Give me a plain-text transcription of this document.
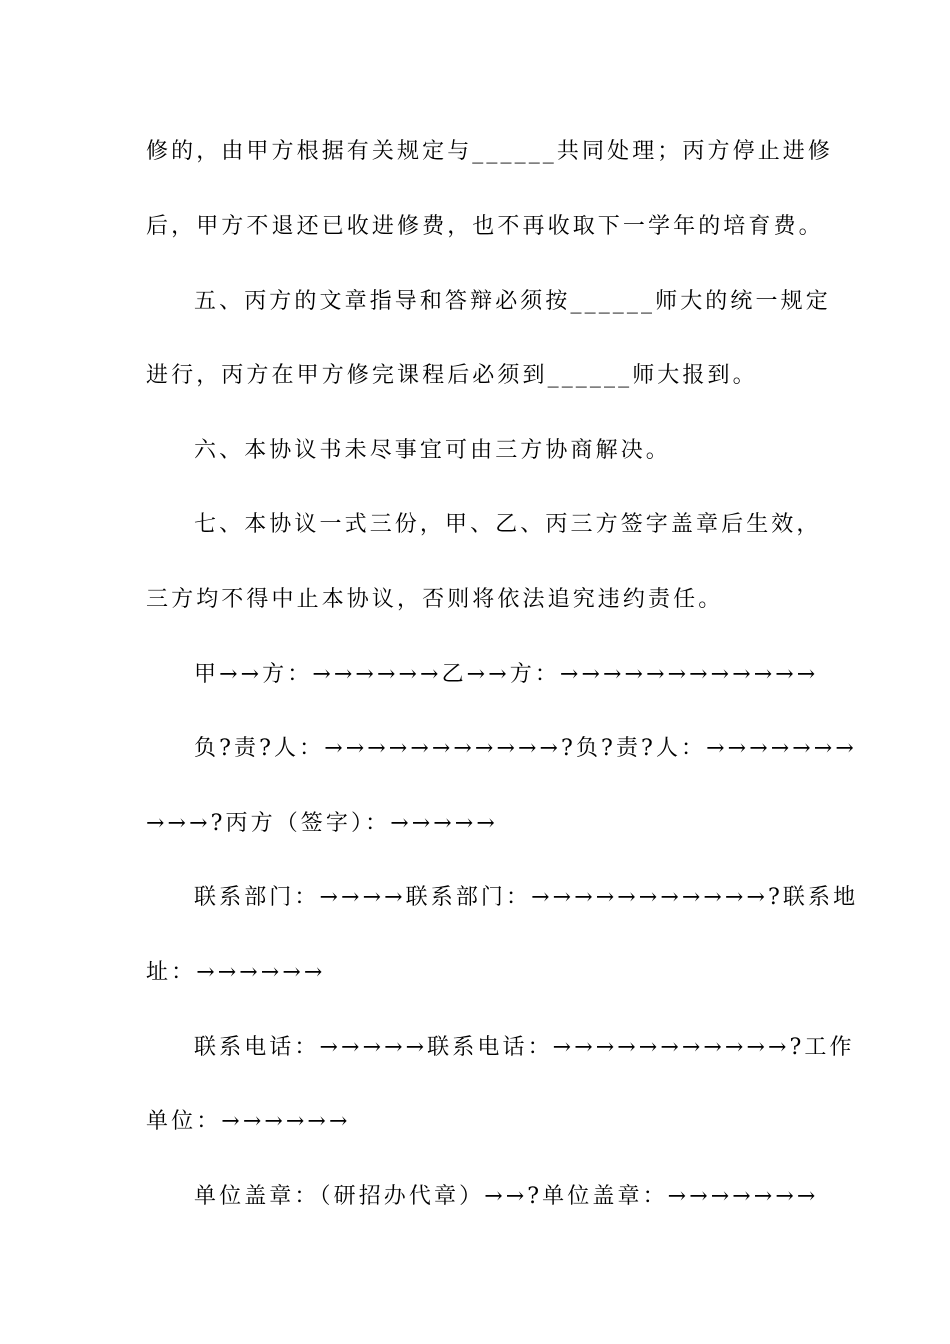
修的，由甲方根据有关规定与______共同处理；丙方停止进修
后，甲方不退还已收进修费，也不再收取下一学年的培育费。
五、丙方的文章指导和答辩必须按______师大的统一规定
进行，丙方在甲方修完课程后必须到______师大报到。
六、本协议书未尽事宜可由三方协商解决。
七、本协议一式三份，甲、乙、丙三方签字盖章后生效，
三方均不得中止本协议，否则将依法追究违约责任。
甲→→方：→→→→→→乙→→方：→→→→→→→→→→→→
负?责?人：→→→→→→→→→→→?负?责?人：→→→→→→→
→→→?丙方（签字）：→→→→→
联系部门：→→→→联系部门：→→→→→→→→→→→?联系地
址：→→→→→→
联系电话：→→→→→联系电话：→→→→→→→→→→→?工作
单位：→→→→→→
单位盖章：（研招办代章）→→?单位盖章：→→→→→→→
